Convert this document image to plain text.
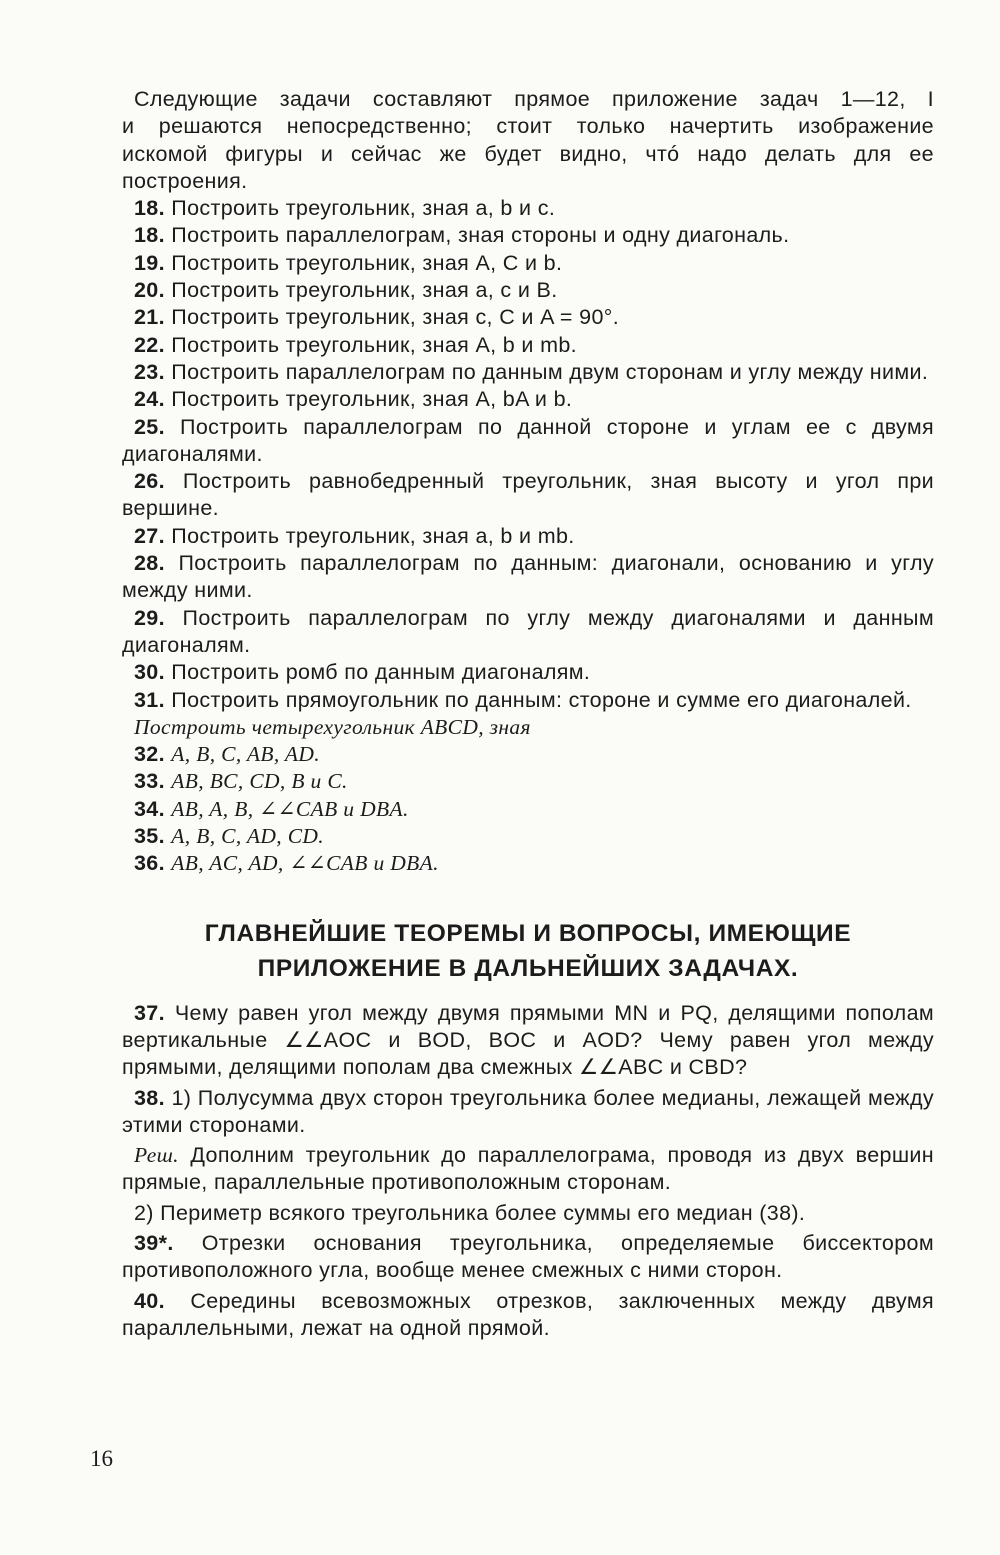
Следующие задачи составляют прямое приложение задач 1—12, I
и решаются непосредственно; стоит только начертить изображение
искомой фигуры и сейчас же будет видно, чтó надо делать для ее
построения.

18. Построить треугольник, зная a, b и c.

18. Построить параллелограм, зная стороны и одну диагональ.

19. Построить треугольник, зная A, C и b.

20. Построить треугольник, зная a, c и B.

21. Построить треугольник, зная c, C и A = 90°.

22. Построить треугольник, зная A, b и mb.

23. Построить параллелограм по данным двум сторонам и углу между ними.

24. Построить треугольник, зная A, bA и b.

25. Построить параллелограм по данной стороне и углам ее с двумя диагоналями.

26. Построить равнобедренный треугольник, зная высоту и угол при вершине.

27. Построить треугольник, зная a, b и mb.

28. Построить параллелограм по данным: диагонали, основанию и углу между ними.

29. Построить параллелограм по углу между диагоналями и данным диагоналям.

30. Построить ромб по данным диагоналям.

31. Построить прямоугольник по данным: стороне и сумме его диагоналей.

Построить четырехугольник ABCD, зная

32. A, B, C, AB, AD.

33. AB, BC, CD, B и C.

34. AB, A, B, ∠∠CAB и DBA.

35. A, B, C, AD, CD.

36. AB, AC, AD, ∠∠CAB и DBA.

ГЛАВНЕЙШИЕ ТЕОРЕМЫ И ВОПРОСЫ, ИМЕЮЩИЕ
ПРИЛОЖЕНИЕ В ДАЛЬНЕЙШИХ ЗАДАЧАХ.

37. Чему равен угол между двумя прямыми MN и PQ, делящими пополам вертикальные ∠∠AOC и BOD, BOC и AOD? Чему равен угол между прямыми, делящими пополам два смежных ∠∠ABC и CBD?

38. 1) Полусумма двух сторон треугольника более медианы, лежащей между этими сторонами.

Реш. Дополним треугольник до параллелограма, проводя из двух вершин прямые, параллельные противоположным сторонам.

2) Периметр всякого треугольника более суммы его медиан (38).

39*. Отрезки основания треугольника, определяемые биссектором противоположного угла, вообще менее смежных с ними сторон.

40. Середины всевозможных отрезков, заключенных между двумя параллельными, лежат на одной прямой.

16
